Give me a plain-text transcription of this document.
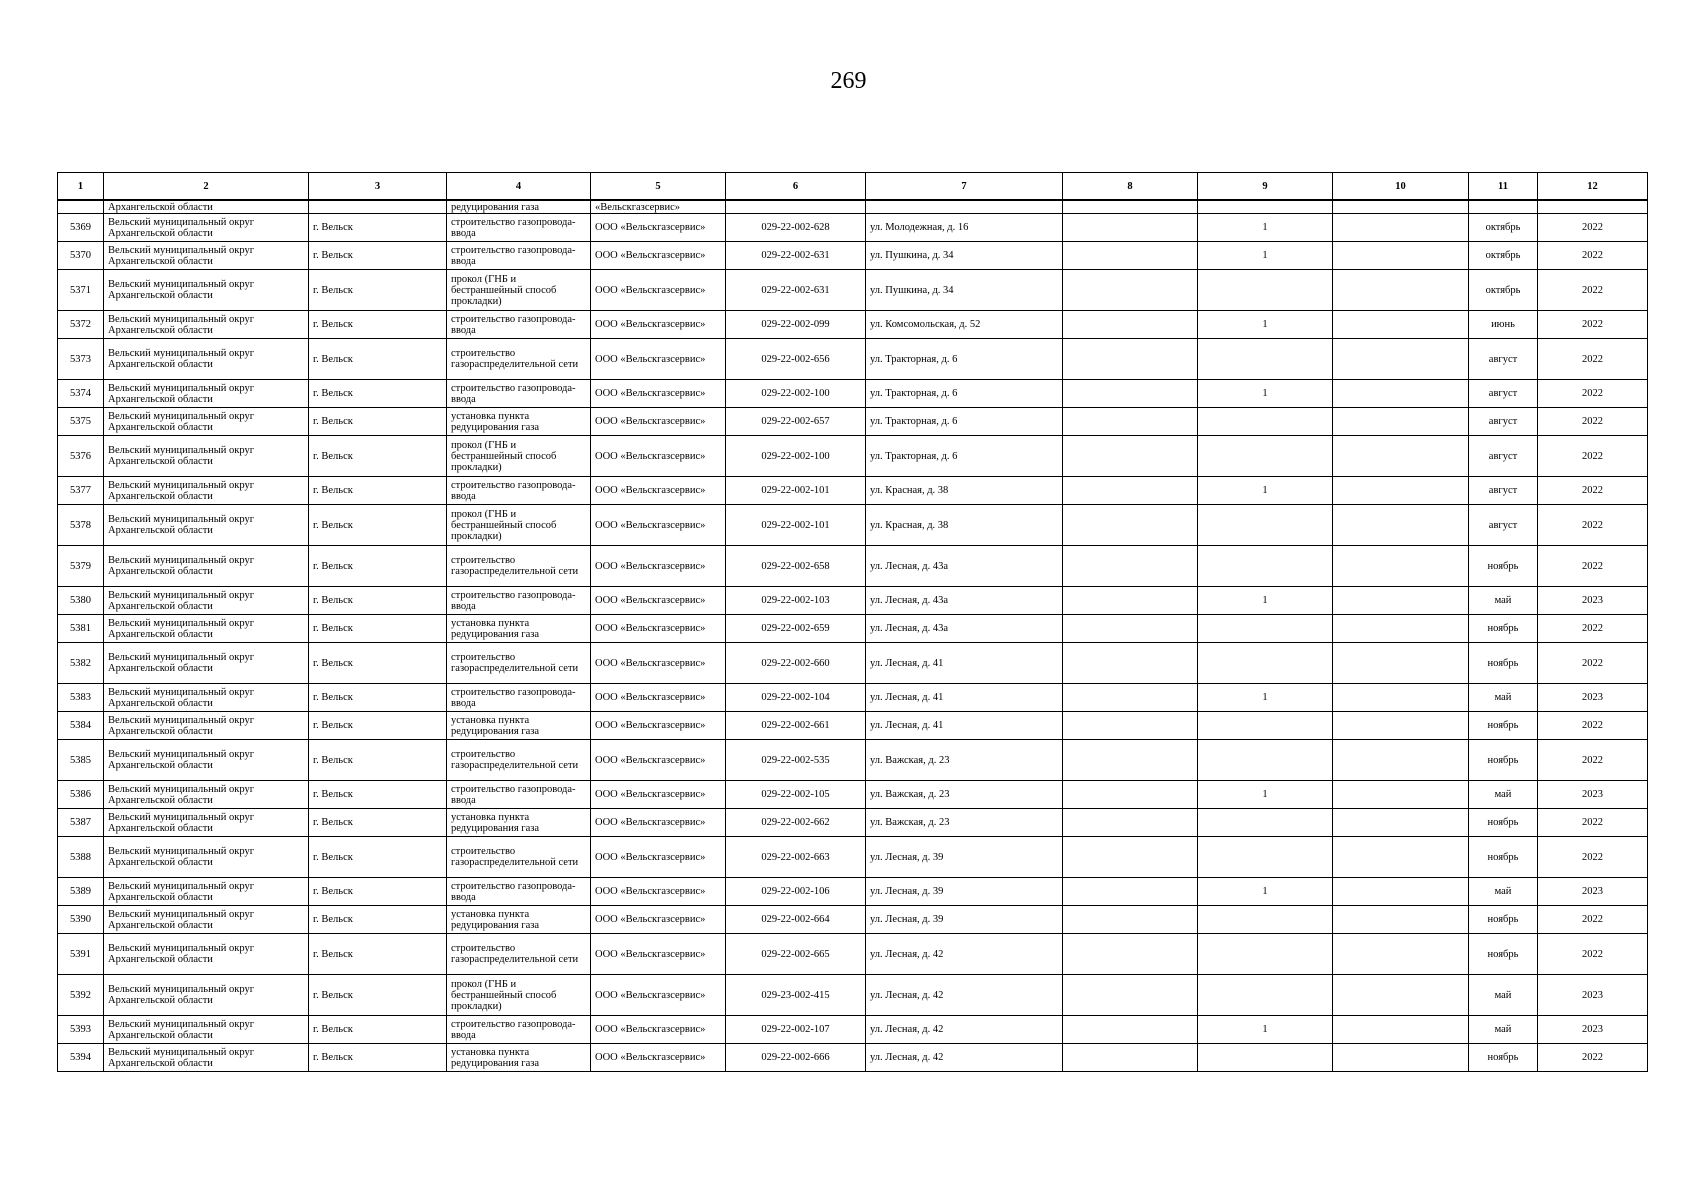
269
1	2	3	4	5	6	7	8	9	10	11	12
	Архангельской области		редуцирования газа	«Вельскгазсервис»							
5369	Вельский муниципальный округ Архангельской области	г. Вельск	строительство газопровода-ввода	ООО «Вельскгазсервис»	029-22-002-628	ул. Молодежная, д. 16		1		октябрь	2022
5370	Вельский муниципальный округ Архангельской области	г. Вельск	строительство газопровода-ввода	ООО «Вельскгазсервис»	029-22-002-631	ул. Пушкина, д. 34		1		октябрь	2022
5371	Вельский муниципальный округ Архангельской области	г. Вельск	прокол (ГНБ и бестраншейный способ прокладки)	ООО «Вельскгазсервис»	029-22-002-631	ул. Пушкина, д. 34				октябрь	2022
5372	Вельский муниципальный округ Архангельской области	г. Вельск	строительство газопровода-ввода	ООО «Вельскгазсервис»	029-22-002-099	ул. Комсомольская, д. 52		1		июнь	2022
5373	Вельский муниципальный округ Архангельской области	г. Вельск	строительство газораспределительной сети	ООО «Вельскгазсервис»	029-22-002-656	ул. Тракторная, д. 6				август	2022
5374	Вельский муниципальный округ Архангельской области	г. Вельск	строительство газопровода-ввода	ООО «Вельскгазсервис»	029-22-002-100	ул. Тракторная, д. 6		1		август	2022
5375	Вельский муниципальный округ Архангельской области	г. Вельск	установка пункта редуцирования газа	ООО «Вельскгазсервис»	029-22-002-657	ул. Тракторная, д. 6				август	2022
5376	Вельский муниципальный округ Архангельской области	г. Вельск	прокол (ГНБ и бестраншейный способ прокладки)	ООО «Вельскгазсервис»	029-22-002-100	ул. Тракторная, д. 6				август	2022
5377	Вельский муниципальный округ Архангельской области	г. Вельск	строительство газопровода-ввода	ООО «Вельскгазсервис»	029-22-002-101	ул. Красная, д. 38		1		август	2022
5378	Вельский муниципальный округ Архангельской области	г. Вельск	прокол (ГНБ и бестраншейный способ прокладки)	ООО «Вельскгазсервис»	029-22-002-101	ул. Красная, д. 38				август	2022
5379	Вельский муниципальный округ Архангельской области	г. Вельск	строительство газораспределительной сети	ООО «Вельскгазсервис»	029-22-002-658	ул. Лесная, д. 43а				ноябрь	2022
5380	Вельский муниципальный округ Архангельской области	г. Вельск	строительство газопровода-ввода	ООО «Вельскгазсервис»	029-22-002-103	ул. Лесная, д. 43а		1		май	2023
5381	Вельский муниципальный округ Архангельской области	г. Вельск	установка пункта редуцирования газа	ООО «Вельскгазсервис»	029-22-002-659	ул. Лесная, д. 43а				ноябрь	2022
5382	Вельский муниципальный округ Архангельской области	г. Вельск	строительство газораспределительной сети	ООО «Вельскгазсервис»	029-22-002-660	ул. Лесная, д. 41				ноябрь	2022
5383	Вельский муниципальный округ Архангельской области	г. Вельск	строительство газопровода-ввода	ООО «Вельскгазсервис»	029-22-002-104	ул. Лесная, д. 41		1		май	2023
5384	Вельский муниципальный округ Архангельской области	г. Вельск	установка пункта редуцирования газа	ООО «Вельскгазсервис»	029-22-002-661	ул. Лесная, д. 41				ноябрь	2022
5385	Вельский муниципальный округ Архангельской области	г. Вельск	строительство газораспределительной сети	ООО «Вельскгазсервис»	029-22-002-535	ул. Важская, д. 23				ноябрь	2022
5386	Вельский муниципальный округ Архангельской области	г. Вельск	строительство газопровода-ввода	ООО «Вельскгазсервис»	029-22-002-105	ул. Важская, д. 23		1		май	2023
5387	Вельский муниципальный округ Архангельской области	г. Вельск	установка пункта редуцирования газа	ООО «Вельскгазсервис»	029-22-002-662	ул. Важская, д. 23				ноябрь	2022
5388	Вельский муниципальный округ Архангельской области	г. Вельск	строительство газораспределительной сети	ООО «Вельскгазсервис»	029-22-002-663	ул. Лесная, д. 39				ноябрь	2022
5389	Вельский муниципальный округ Архангельской области	г. Вельск	строительство газопровода-ввода	ООО «Вельскгазсервис»	029-22-002-106	ул. Лесная, д. 39		1		май	2023
5390	Вельский муниципальный округ Архангельской области	г. Вельск	установка пункта редуцирования газа	ООО «Вельскгазсервис»	029-22-002-664	ул. Лесная, д. 39				ноябрь	2022
5391	Вельский муниципальный округ Архангельской области	г. Вельск	строительство газораспределительной сети	ООО «Вельскгазсервис»	029-22-002-665	ул. Лесная, д. 42				ноябрь	2022
5392	Вельский муниципальный округ Архангельской области	г. Вельск	прокол (ГНБ и бестраншейный способ прокладки)	ООО «Вельскгазсервис»	029-23-002-415	ул. Лесная, д. 42				май	2023
5393	Вельский муниципальный округ Архангельской области	г. Вельск	строительство газопровода-ввода	ООО «Вельскгазсервис»	029-22-002-107	ул. Лесная, д. 42		1		май	2023
5394	Вельский муниципальный округ Архангельской области	г. Вельск	установка пункта редуцирования газа	ООО «Вельскгазсервис»	029-22-002-666	ул. Лесная, д. 42				ноябрь	2022
